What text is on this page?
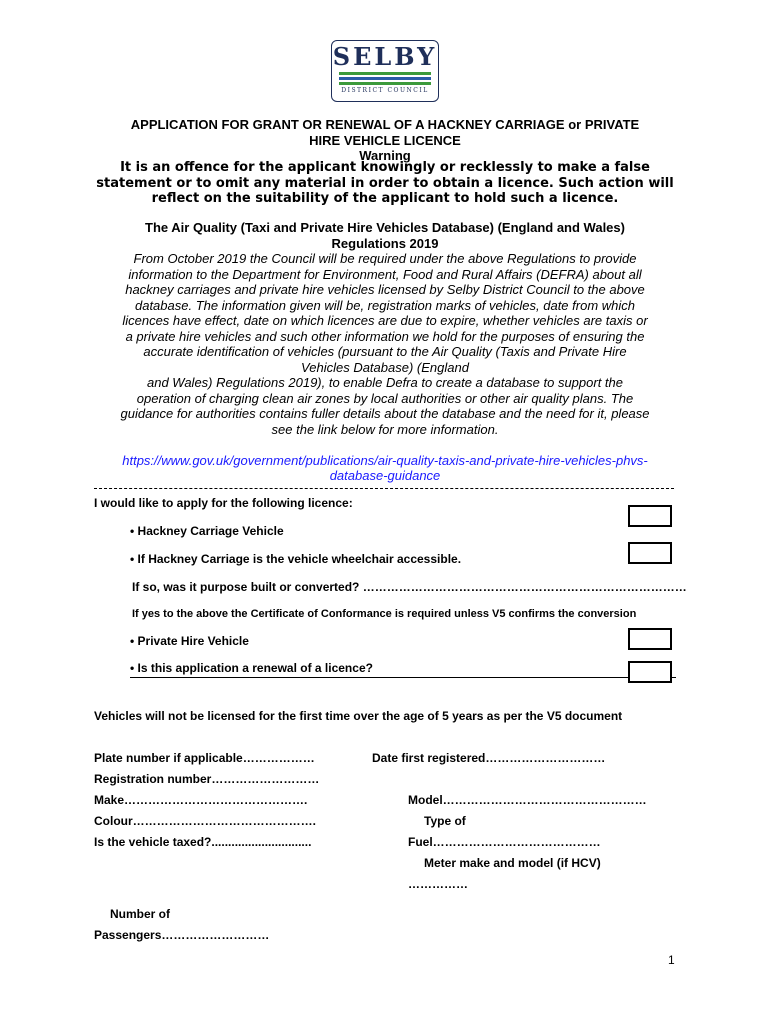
SELBY
DISTRICT COUNCIL
APPLICATION FOR GRANT OR RENEWAL OF A HACKNEY CARRIAGE or PRIVATE
HIRE VEHICLE LICENCE
Warning
It is an offence for the applicant knowingly or recklessly to make a false
statement or to omit any material in order to obtain a licence. Such action will
reflect on the suitability of the applicant to hold such a licence.
The Air Quality (Taxi and Private Hire Vehicles Database) (England and Wales)
Regulations 2019
From October 2019 the Council will be required under the above Regulations to provide
information to the Department for Environment, Food and Rural Affairs (DEFRA) about all
hackney carriages and private hire vehicles licensed by Selby District Council to the above
database. The information given will be, registration marks of vehicles, date from which
licences have effect, date on which licences are due to expire, whether vehicles are taxis or
a private hire vehicles and such other information we hold for the purposes of ensuring the
accurate identification of vehicles (pursuant to the Air Quality (Taxis and Private Hire
Vehicles Database) (England
and Wales) Regulations 2019), to enable Defra to create a database to support the
operation of charging clean air zones by local authorities or other air quality plans. The
guidance for authorities contains fuller details about the database and the need for it, please
see the link below for more information.
https://www.gov.uk/government/publications/air-quality-taxis-and-private-hire-vehicles-phvs-
database-guidance
I would like to apply for the following licence:
• Hackney Carriage Vehicle
• If Hackney Carriage is the vehicle wheelchair accessible.
If so, was it purpose built or converted? ………………………………………………………………………
If yes to the above the Certificate of Conformance is required unless V5 confirms the conversion
• Private Hire Vehicle
• Is this application a renewal of a licence?
Vehicles will not be licensed for the first time over the age of 5 years as per the V5 document
Plate number if applicable………………	Date first registered…………………………
Registration number………………………
Make……………………………………….	Model……………………………………………
Colour……………………………………….	Type of
Is the vehicle taxed?..............................	Fuel……………………………………
Meter make and model (if HCV)
……………
Number of
Passengers………………………
1
